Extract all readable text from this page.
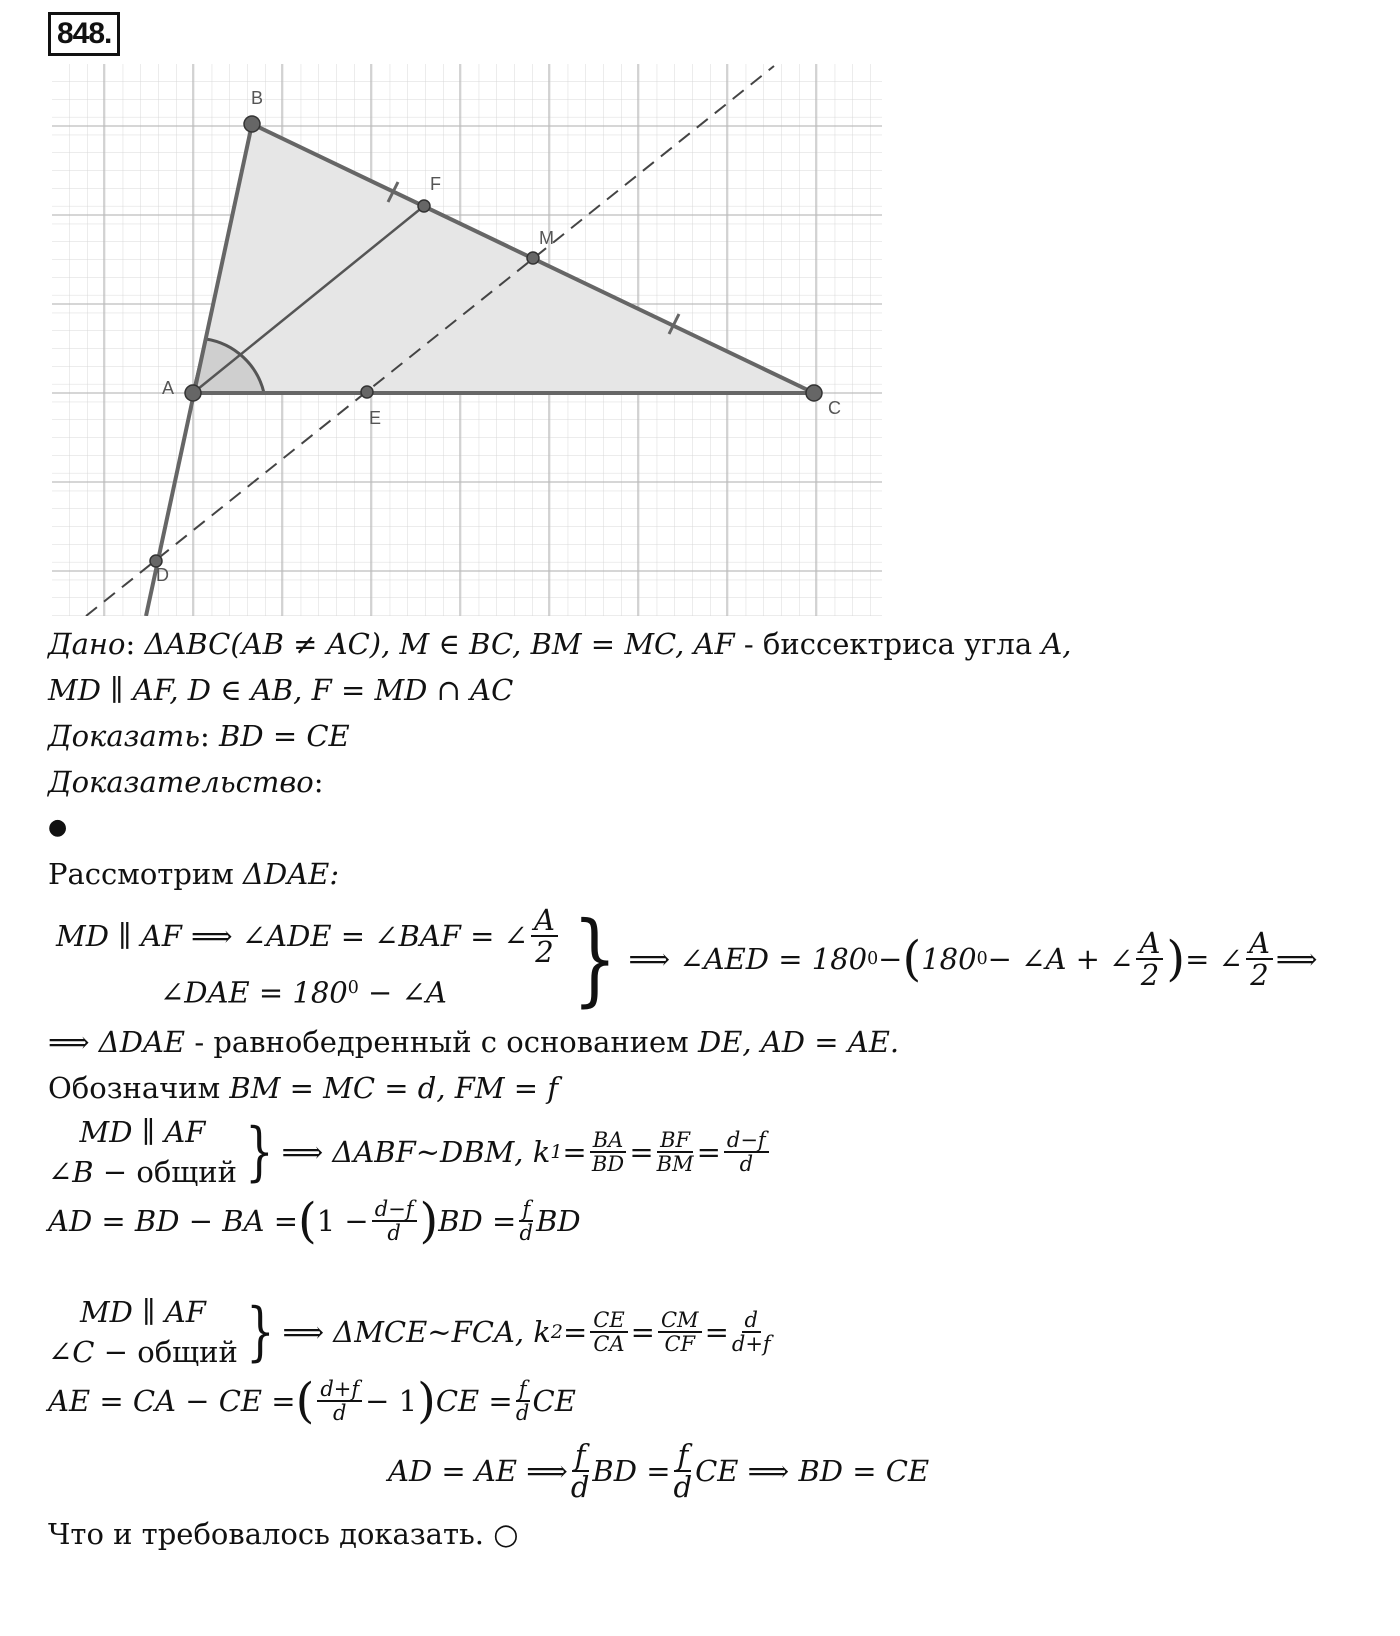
848.
B
A
C
F
M
E
D
Дано: ΔABC(AB ≠ AC), M ∈ BC, BM = MC, AF - биссектриса угла A,
MD ∥ AF, D ∈ AB, F = MD ∩ AC
Доказать: BD = CE
Доказательство:
●
Рассмотрим ΔDAE:
MD ∥ AF ⟹ ∠ADE = ∠BAF = ∠ $\frac{A}{2}$
∠DAE = $180^0$ − ∠A	} ⟹ ∠AED = 180 0 − ( 180 0 − ∠A + ∠ $\frac{A}{2}$ ) = ∠ $\frac{A}{2}$ ⟹
⟹ ΔDAE - равнобедренный с основанием DE, AD = AE.
Обозначим BM = MC = d, FM = f
MD ∥ AF
∠B − общий } ⟹ ΔABF~DBM, k $1 = \frac{BA}{BD} = \frac{BF}{BM} = \frac{d-f}{d}$
AD = BD − BA = ( $1 - \frac{d-f}{d}$ ) BD = $\frac{f}{d}$ BD
MD ∥ AF
∠C − общий } ⟹ ΔMCE~FCA, k $2 = \frac{CE}{CA} = \frac{CM}{CF} = \frac{d}{d+f}$
AE = CA − CE = ( $\frac{d+f}{d} - 1$ ) CE = $\frac{f}{d}$ CE
AD = AE ⟹ $\frac{f}{d}$ BD = $\frac{f}{d}$ CE ⟹ BD = CE
Что и требовалось доказать. ○
